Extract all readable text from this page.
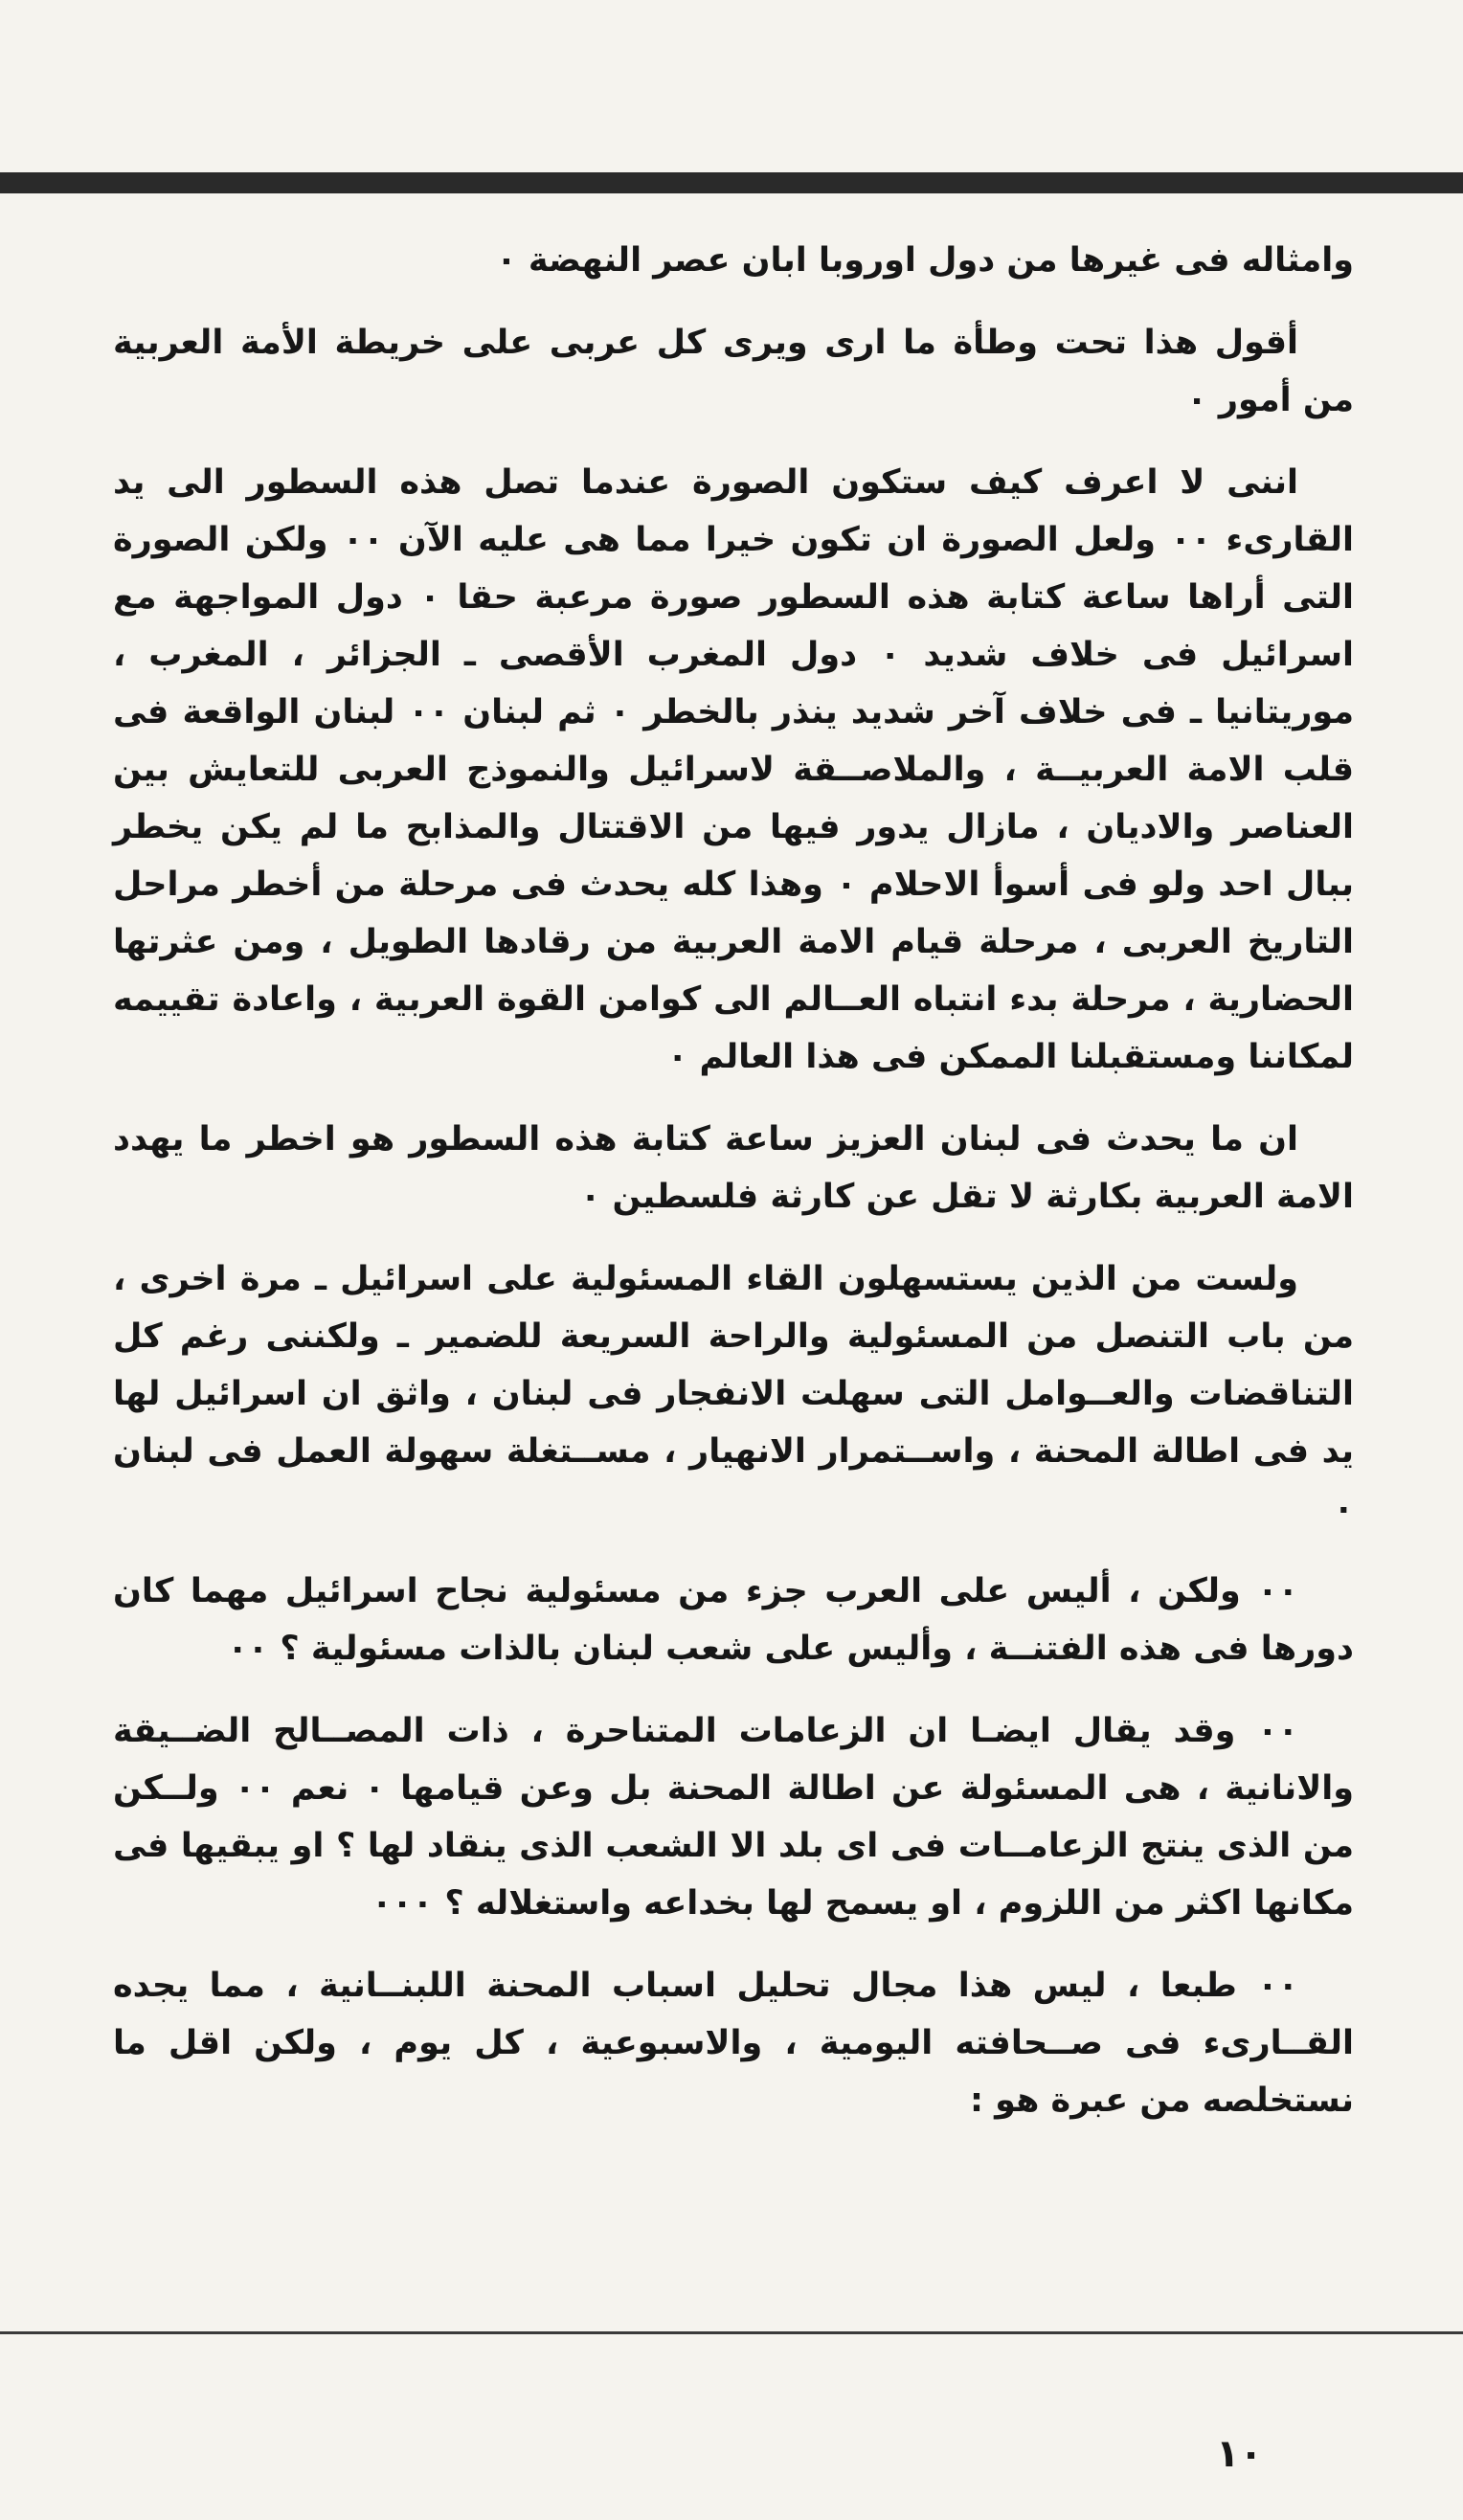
وامثاله فى غيرها من دول اوروبا ابان عصر النهضة ٠

أقول هذا تحت وطأة ما ارى ويرى كل عربى على خريطة الأمة العربية من أمور ٠

اننى لا اعرف كيف ستكون الصورة عندما تصل هذه السطور الى يد القارىء ٠٠ ولعل الصورة ان تكون خيرا مما هى عليه الآن ٠٠ ولكن الصورة التى أراها ساعة كتابة هذه السطور صورة مرعبة حقا ٠ دول المواجهة مع اسرائيل فى خلاف شديد ٠ دول المغرب الأقصى ـ الجزائر ، المغرب ، موريتانيا ـ فى خلاف آخر شديد ينذر بالخطر ٠ ثم لبنان ٠٠ لبنان الواقعة فى قلب الامة العربيــة ، والملاصــقة لاسرائيل والنموذج العربى للتعايش بين العناصر والاديان ، مازال يدور فيها من الاقتتال والمذابح ما لم يكن يخطر ببال احد ولو فى أسوأ الاحلام ٠ وهذا كله يحدث فى مرحلة من أخطر مراحل التاريخ العربى ، مرحلة قيام الامة العربية من رقادها الطويل ، ومن عثرتها الحضارية ، مرحلة بدء انتباه العــالم الى كوامن القوة العربية ، واعادة تقييمه لمكاننا ومستقبلنا الممكن فى هذا العالم ٠

ان ما يحدث فى لبنان العزيز ساعة كتابة هذه السطور هو اخطر ما يهدد الامة العربية بكارثة لا تقل عن كارثة فلسطين ٠

ولست من الذين يستسهلون القاء المسئولية على اسرائيل ـ مرة اخرى ، من باب التنصل من المسئولية والراحة السريعة للضمير ـ ولكننى رغم كل التناقضات والعــوامل التى سهلت الانفجار فى لبنان ، واثق ان اسرائيل لها يد فى اطالة المحنة ، واســتمرار الانهيار ، مســتغلة سهولة العمل فى لبنان ٠

٠٠ ولكن ، أليس على العرب جزء من مسئولية نجاح اسرائيل مهما كان دورها فى هذه الفتنــة ، وأليس على شعب لبنان بالذات مسئولية ؟ ٠٠

٠٠ وقد يقال ايضـا ان الزعامات المتناحرة ، ذات المصــالح الضــيقة والانانية ، هى المسئولة عن اطالة المحنة بل وعن قيامها ٠ نعم ٠٠ ولــكن من الذى ينتج الزعامــات فى اى بلد الا الشعب الذى ينقاد لها ؟ او يبقيها فى مكانها اكثر من اللزوم ، او يسمح لها بخداعه واستغلاله ؟ ٠٠٠

٠٠ طبعا ، ليس هذا مجال تحليل اسباب المحنة اللبنــانية ، مما يجده القــارىء فى صــحافته اليومية ، والاسبوعية ، كل يوم ، ولكن اقل ما نستخلصه من عبرة هو :

١٠
